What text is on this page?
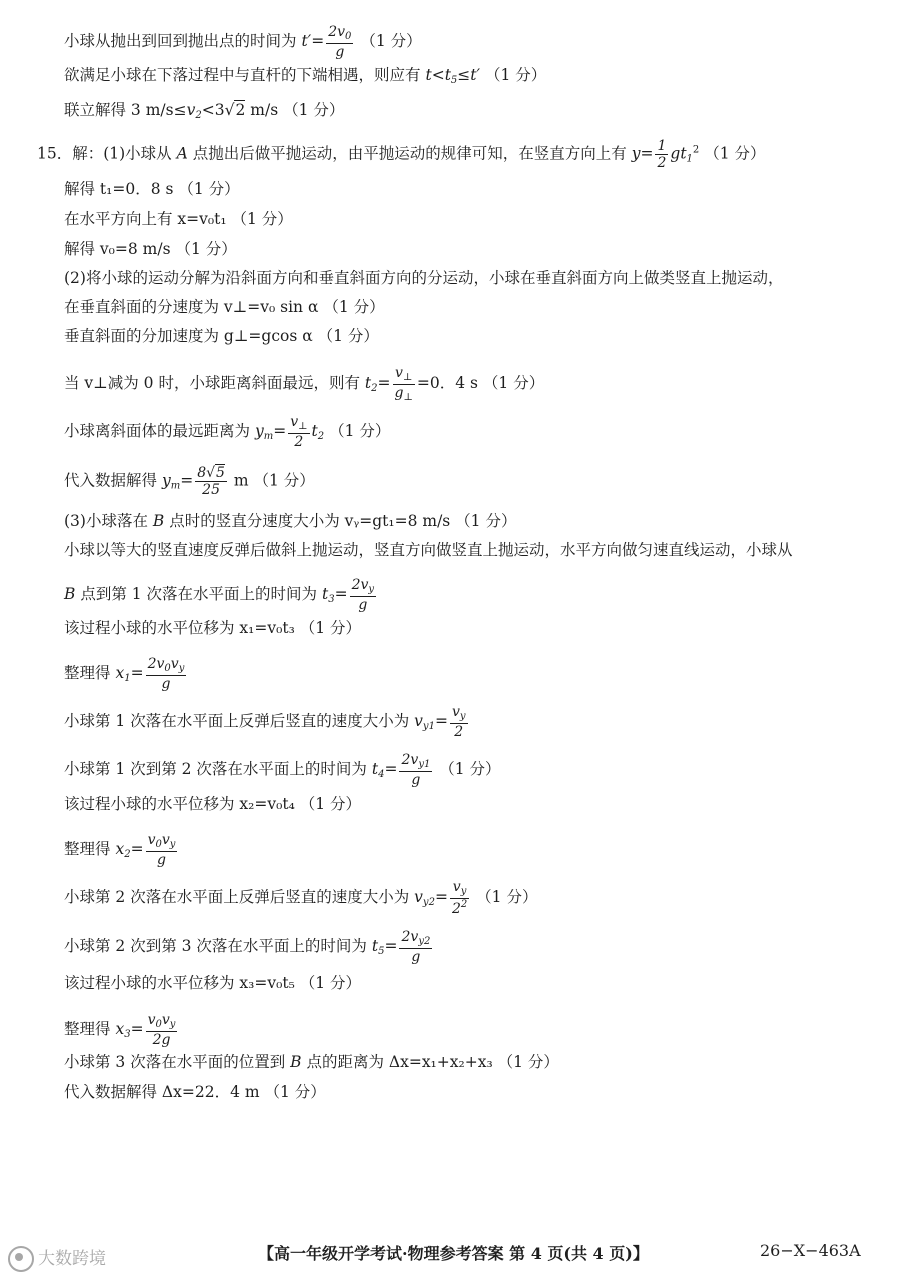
小球从抛出到回到抛出点的时间为 $t'= \frac{2v_0}{g} (1$ 分）
欲满足小球在下落过程中与直杆的下端相遇，则应有 $t<t_5\le t'$ （1 分）
联立解得 3 $m/s\le v_2<3√2$ m/s （1 分）
15．解：(1)小球从 A 点抛出后做平抛运动，由平抛运动的规律可知，在竖直方向上有 $y= \frac{1}{2} gt_1^2$ （1 分）
解得 t₁=0．8 s （1 分）
在水平方向上有 x=v₀t₁ （1 分）
解得 v₀=8 m/s （1 分）
(2)将小球的运动分解为沿斜面方向和垂直斜面方向的分运动，小球在垂直斜面方向上做类竖直上抛运动，
在垂直斜面的分速度为 v⊥=v₀ sin α （1 分）
垂直斜面的分加速度为 g⊥=gcos α （1 分）
当 v⊥减为 0 时，小球距离斜面最远，则有 $t_2= \frac{v_\perp}{g_\perp} =0$．4 s （1 分）
小球离斜面体的最远距离为 $y_m= \frac{v_\perp}{2} t_2$ （1 分）
代入数据解得 $y_m= \frac{8√5}{25}$ m （1 分）
(3)小球落在 B 点时的竖直分速度大小为 vᵧ=gt₁=8 m/s （1 分）
小球以等大的竖直速度反弹后做斜上抛运动，竖直方向做竖直上抛运动，水平方向做匀速直线运动，小球从
B 点到第 1 次落在水平面上的时间为 $t_3= \frac{2v_y}{g}$
该过程小球的水平位移为 x₁=v₀t₃ （1 分）
整理得 $x_1= \frac{2v_0v_y}{g}$
小球第 1 次落在水平面上反弹后竖直的速度大小为 $v_{y1}= \frac{v_y}{2}$
小球第 1 次到第 2 次落在水平面上的时间为 $t_4= \frac{2v_{y1}}{g} (1$ 分）
该过程小球的水平位移为 x₂=v₀t₄ （1 分）
整理得 $x_2= \frac{v_0v_y}{g}$
小球第 2 次落在水平面上反弹后竖直的速度大小为 $v_{y2}= \frac{v_y}{2^2} (1$ 分）
小球第 2 次到第 3 次落在水平面上的时间为 $t_5= \frac{2v_{y2}}{g}$
该过程小球的水平位移为 x₃=v₀t₅ （1 分）
整理得 $x_3= \frac{v_0v_y}{2g}$
小球第 3 次落在水平面的位置到 B 点的距离为 Δx=x₁+x₂+x₃ （1 分）
代入数据解得 Δx=22．4 m （1 分）
【高一年级开学考试·物理参考答案 第 4 页(共 4 页)】	26−X−463A
大数跨境
